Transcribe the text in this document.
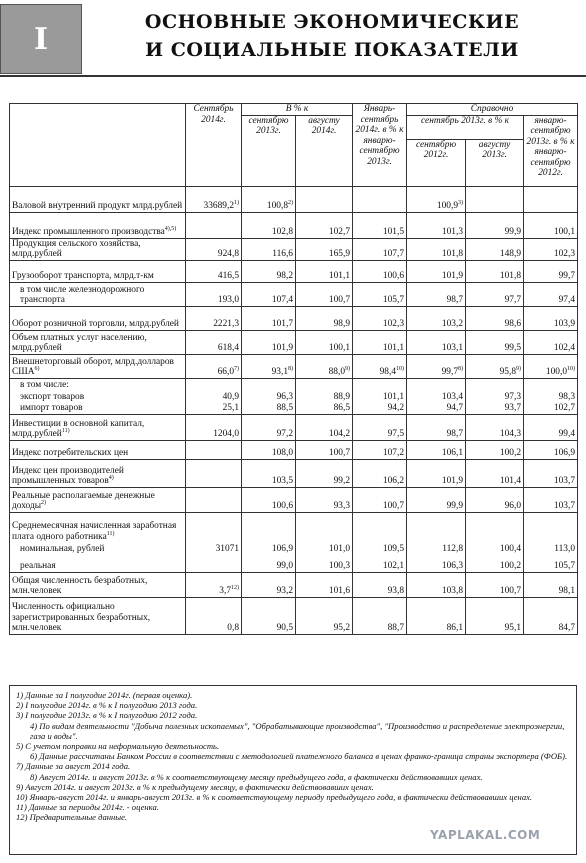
I	ОСНОВНЫЕ ЭКОНОМИЧЕСКИЕ
И СОЦИАЛЬНЫЕ ПОКАЗАТЕЛИ
	Сентябрь 2014г.	В % к		Январь-сентябрь 2014г. в % к январю-сентябрю 2013г.	Справочно		
		сентябрю 2013г.	августу 2014г.		сентябрь 2013г. в % к		январю-сентябрю 2013г. в % к январю-сентябрю 2012г.
					сентябрю 2012г.	августу 2013г.	
Валовой внутренний продукт млрд.рублей	33689,2$^{1)}$	100,8$^{2)}$			100,9$^{3)}$		
Индекс промышленного производства$^{4),5)}$		102,8	102,7	101,5	101,3	99,9	100,1
Продукция сельского хозяйства, млрд.рублей	924,8	116,6	165,9	107,7	101,8	148,9	102,3
Грузооборот транспорта, млрд.т-км	416,5	98,2	101,1	100,6	101,9	101,8	99,7
в том числе железнодорожного транспорта	193,0	107,4	100,7	105,7	98,7	97,7	97,4
Оборот розничной торговли, млрд.рублей	2221,3	101,7	98,9	102,3	103,2	98,6	103,9
Объем платных услуг населению, млрд.рублей	618,4	101,9	100,1	101,1	103,1	99,5	102,4
Внешнеторговый оборот, млрд.долларов США$^{6)}$	66,0$^{7)}$	93,1$^{8)}$	88,0$^{9)}$	98,4$^{10)}$	99,7$^{8)}$	95,8$^{9)}$	100,0$^{10)}$
в том числе:							
экспорт товаров	40,9	96,3	88,9	101,1	103,4	97,3	98,3
импорт товаров	25,1	88,5	86,5	94,2	94,7	93,7	102,7
Инвестиции в основной капитал, млрд.рублей$^{11)}$	1204,0	97,2	104,2	97,5	98,7	104,3	99,4
Индекс потребительских цен		108,0	100,7	107,2	106,1	100,2	106,9
Индекс цен производителей промышленных товаров$^{4)}$		103,5	99,2	106,2	101,9	101,4	103,7
Реальные располагаемые денежные доходы$^{2)}$		100,6	93,3	100,7	99,9	96,0	103,7
Среднемесячная начисленная заработная плата одного работника$^{11)}$							
номинальная, рублей	31071	106,9	101,0	109,5	112,8	100,4	113,0
реальная		99,0	100,3	102,1	106,3	100,2	105,7
Общая численность безработных, млн.человек	3,7$^{12)}$	93,2	101,6	93,8	103,8	100,7	98,1
Численность официально зарегистрированных безработных, млн.человек	0,8	90,5	95,2	88,7	86,1	95,1	84,7
1) Данные за I полугодие 2014г. (первая оценка).
2) I полугодие 2014г. в % к I полугодию 2013 года.
3) I полугодие 2013г. в % к I полугодию 2012 года.
4) По видам деятельности "Добыча полезных ископаемых", "Обрабатывающие производства", "Производство и распределение электроэнергии, газа и воды".
5) С учетом поправки на неформальную деятельность.
6) Данные рассчитаны Банком России в соответствии с методологией платежного баланса в ценах франко-граница страны экспортера (ФОБ).
7) Данные за август 2014 года.
8) Август 2014г. и август 2013г. в % к соответствующему месяцу предыдущего года, в фактически действовавших ценах.
9) Август 2014г. и август 2013г. в % к предыдущему месяцу, в фактически действовавших ценах.
10) Январь-август 2014г. и январь-август 2013г. в % к соответствующему периоду предыдущего года, в фактически действовавших ценах.
11) Данные за периоды 2014г. - оценка.
12) Предварительные данные.
YAPLAKAL.COM
